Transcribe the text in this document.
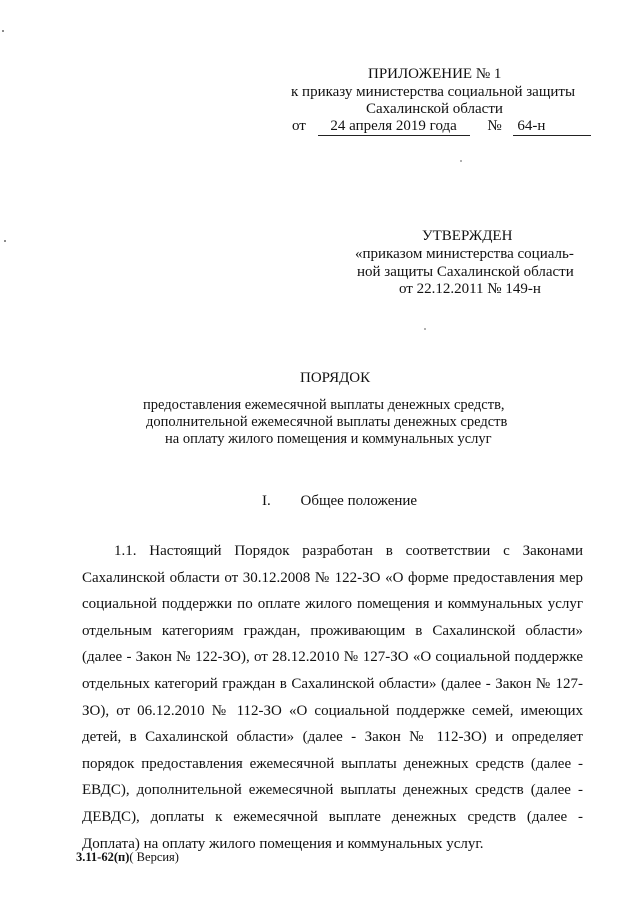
ПРИЛОЖЕНИЕ № 1
к приказу министерства социальной защиты
Сахалинской области
от 24 апреля 2019 года № 64-н
УТВЕРЖДЕН
«приказом министерства социаль-
ной защиты Сахалинской области
от 22.12.2011 № 149-н
ПОРЯДОК
предоставления ежемесячной выплаты денежных средств,
дополнительной ежемесячной выплаты денежных средств
на оплату жилого помещения и коммунальных услуг
I. Общее положение
1.1. Настоящий Порядок разработан в соответствии с Законами Сахалинской области от 30.12.2008 № 122-ЗО «О форме предоставления мер социальной поддержки по оплате жилого помещения и коммунальных услуг отдельным категориям граждан, проживающим в Сахалинской области» (далее - Закон № 122-ЗО), от 28.12.2010 № 127-ЗО «О социальной поддержке отдельных категорий граждан в Сахалинской области» (далее - Закон № 127-ЗО), от 06.12.2010 № 112-ЗО «О социальной поддержке семей, имеющих детей, в Сахалинской области» (далее - Закон № 112-ЗО) и определяет порядок предоставления ежемесячной выплаты денежных средств (далее - ЕВДС), дополнительной ежемесячной выплаты денежных средств (далее - ДЕВДС), доплаты к ежемесячной выплате денежных средств (далее - Доплата) на оплату жилого помещения и коммунальных услуг.
3.11-62(п)( Версия)
